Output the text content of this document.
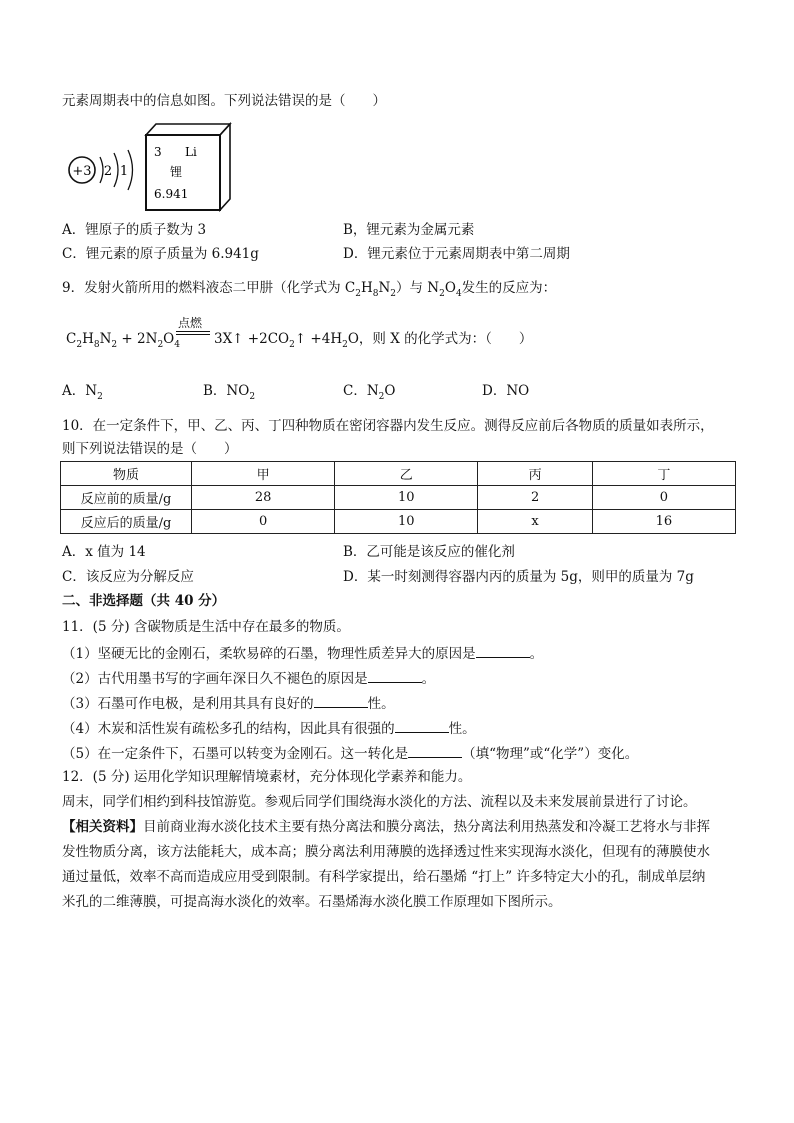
元素周期表中的信息如图。下列说法错误的是（　　）
+3 2 1
3 Li
锂
6.941
A．锂原子的质子数为 3	B，锂元素为金属元素
C．锂元素的原子质量为 6.941g	D．锂元素位于元素周期表中第二周期
9．发射火箭所用的燃料液态二甲肼（化学式为 $C_2H_8N_2$）与 $N_2O_4$发生的反应为：
点燃
$C_2H_8N_2 + 2N_2O_4$	3X↑ $+2CO_2↑ +4H_2O$，则 X 的化学式为：（　　）
A．$N_2$	B．$NO_2$	C．$N_2O$	D．NO
10．在一定条件下，甲、乙、丙、丁四种物质在密闭容器内发生反应。测得反应前后各物质的质量如表所示，
则下列说法错误的是（　　）
物质	甲	乙	丙	丁
反应前的质量/g	28	10	2	0
反应后的质量/g	0	10	x	16
A．x 值为 14	B．乙可能是该反应的催化剂
C．该反应为分解反应	D．某一时刻测得容器内丙的质量为 5g，则甲的质量为 7g
二、非选择题（共 40 分）
11．(5 分) 含碳物质是生活中存在最多的物质。
（1）坚硬无比的金刚石，柔软易碎的石墨，物理性质差异大的原因是	。
（2）古代用墨书写的字画年深日久不褪色的原因是	。
（3）石墨可作电极，是利用其具有良好的	性。
（4）木炭和活性炭有疏松多孔的结构，因此具有很强的	性。
（5）在一定条件下，石墨可以转变为金刚石。这一转化是	（填“物理”或“化学”）变化。
12．(5 分) 运用化学知识理解情境素材，充分体现化学素养和能力。
周末，同学们相约到科技馆游览。参观后同学们围绕海水淡化的方法、流程以及未来发展前景进行了讨论。
【相关资料】目前商业海水淡化技术主要有热分离法和膜分离法，热分离法利用热蒸发和冷凝工艺将水与非挥
发性物质分离，该方法能耗大，成本高；膜分离法利用薄膜的选择透过性来实现海水淡化，但现有的薄膜使水
通过量低，效率不高而造成应用受到限制。有科学家提出，给石墨烯 “打上” 许多特定大小的孔，制成单层纳
米孔的二维薄膜，可提高海水淡化的效率。石墨烯海水淡化膜工作原理如下图所示。
